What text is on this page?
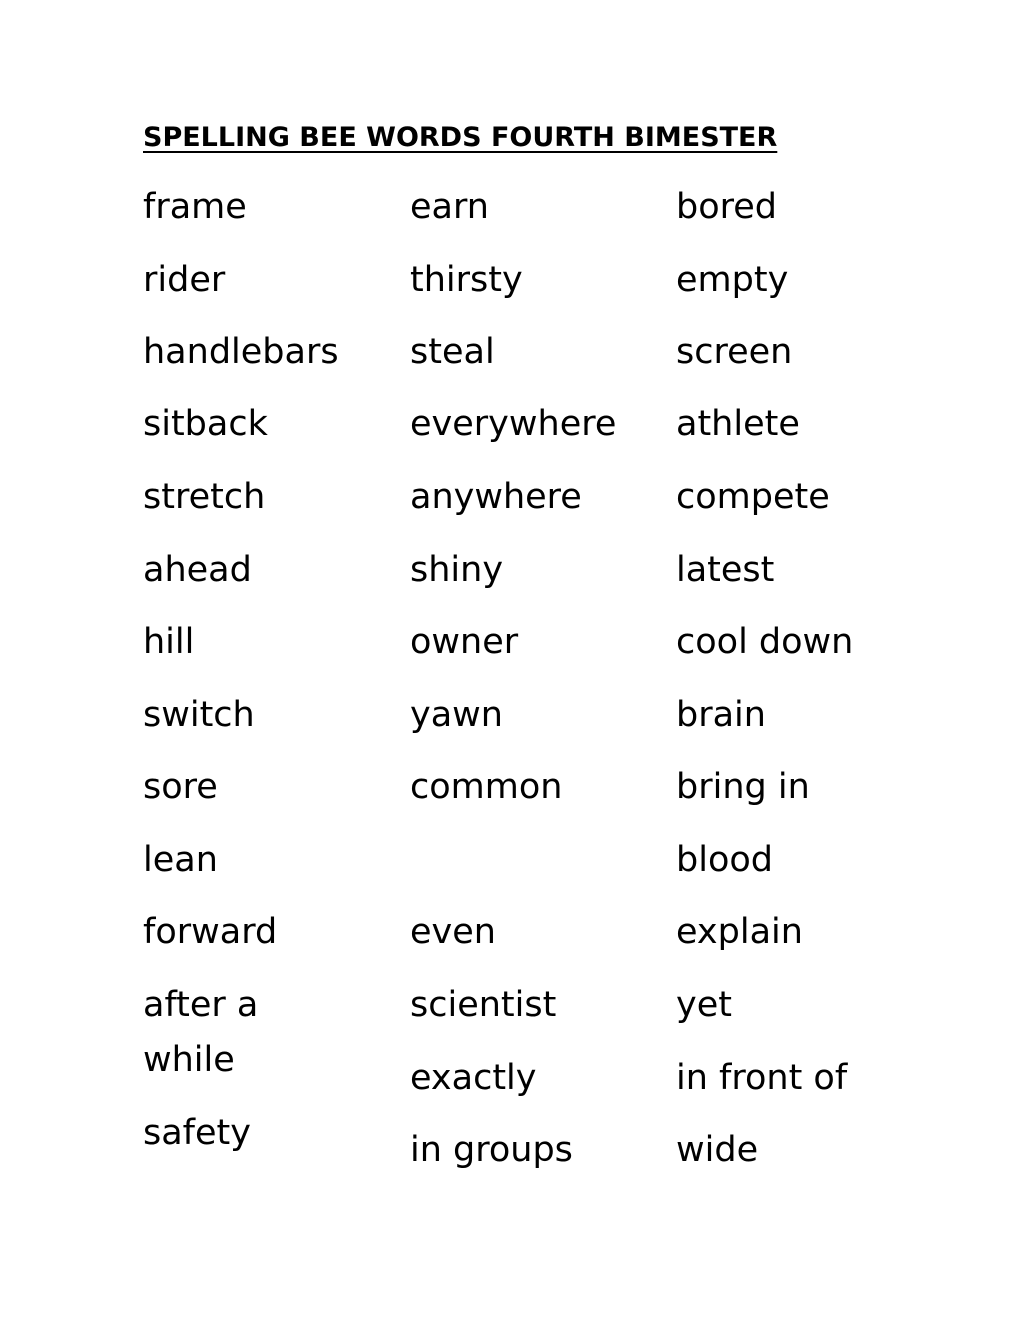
SPELLING BEE WORDS FOURTH BIMESTER

frame

rider

handlebars

sitback

stretch

ahead

hill

switch

sore

lean

forward

after a

while

safety

earn

thirsty

steal

everywhere

anywhere

shiny

owner

yawn

common

even

scientist

exactly

in groups

bored

empty

screen

athlete

compete

latest

cool down

brain

bring in

blood

explain

yet

in front of

wide
